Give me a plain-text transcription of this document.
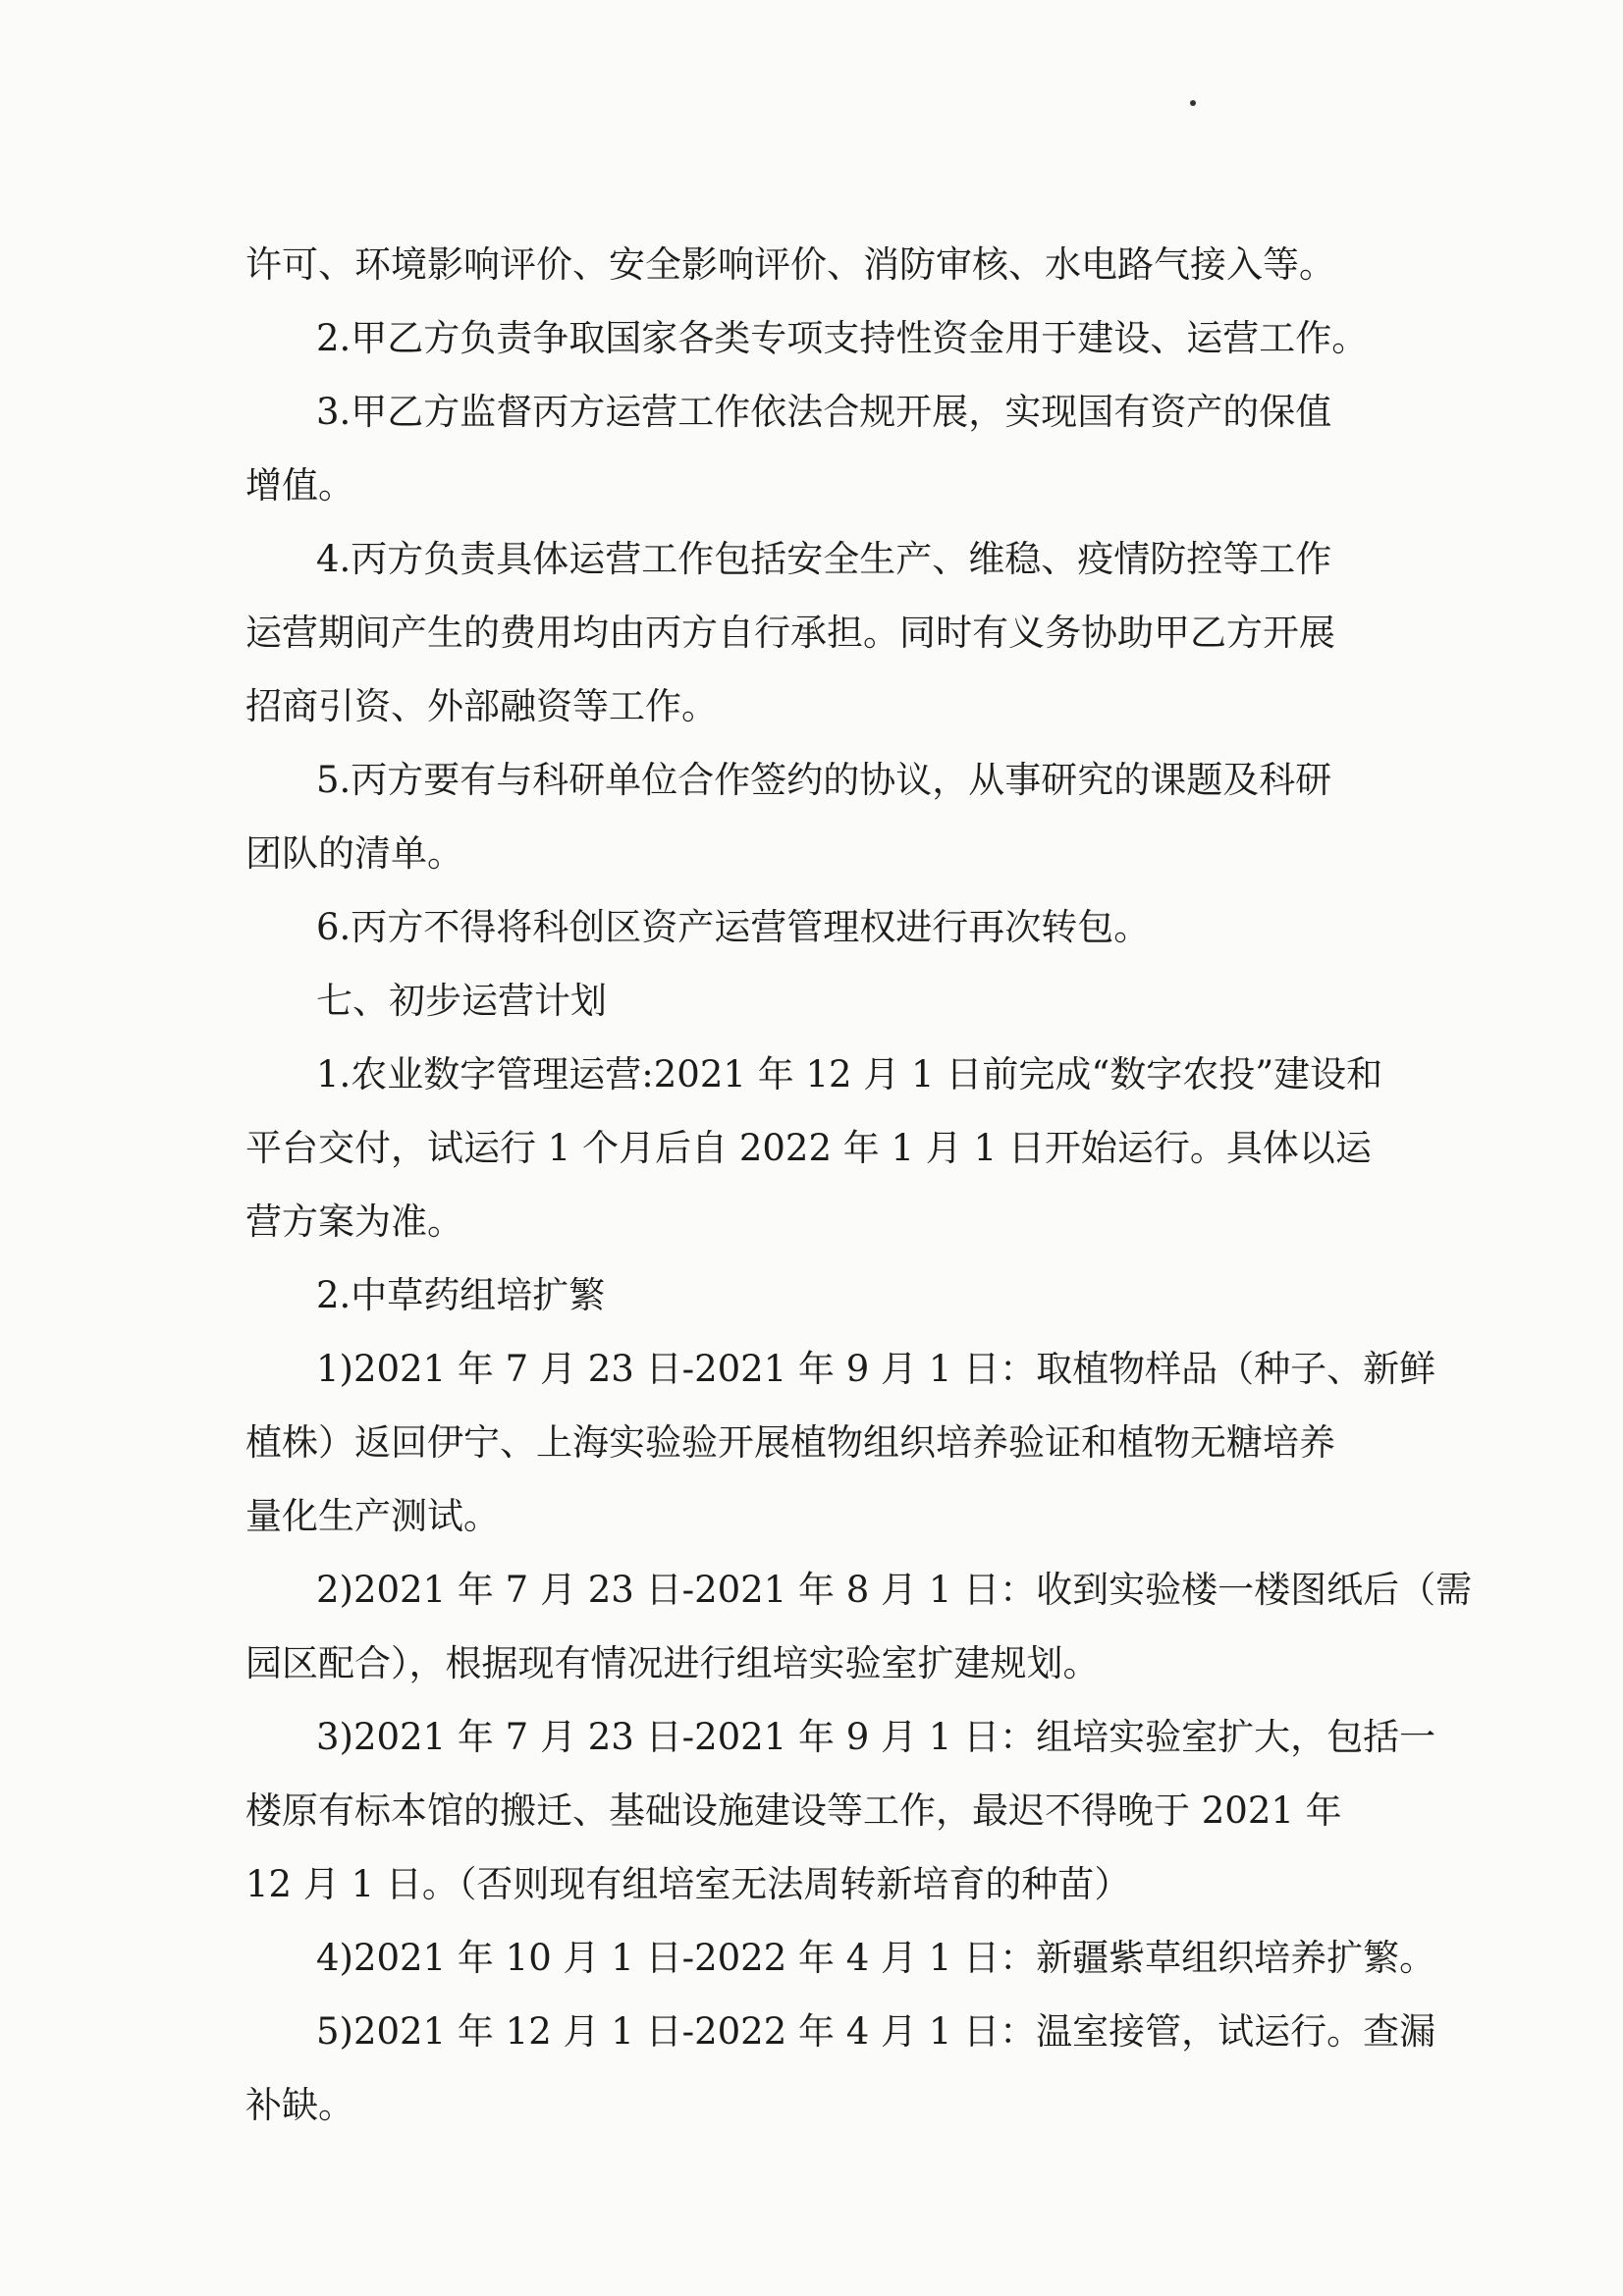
许可、环境影响评价、安全影响评价、消防审核、水电路气接入等。
2.甲乙方负责争取国家各类专项支持性资金用于建设、运营工作。
3.甲乙方监督丙方运营工作依法合规开展，实现国有资产的保值
增值。
4.丙方负责具体运营工作包括安全生产、维稳、疫情防控等工作
运营期间产生的费用均由丙方自行承担。同时有义务协助甲乙方开展
招商引资、外部融资等工作。
5.丙方要有与科研单位合作签约的协议，从事研究的课题及科研
团队的清单。
6.丙方不得将科创区资产运营管理权进行再次转包。
七、初步运营计划
1.农业数字管理运营:2021 年 12 月 1 日前完成“数字农投”建设和
平台交付，试运行 1 个月后自 2022 年 1 月 1 日开始运行。具体以运
营方案为准。
2.中草药组培扩繁
1)2021 年 7 月 23 日-2021 年 9 月 1 日：取植物样品（种子、新鲜
植株）返回伊宁、上海实验验开展植物组织培养验证和植物无糖培养
量化生产测试。
2)2021 年 7 月 23 日-2021 年 8 月 1 日：收到实验楼一楼图纸后（需
园区配合），根据现有情况进行组培实验室扩建规划。
3)2021 年 7 月 23 日-2021 年 9 月 1 日：组培实验室扩大，包括一
楼原有标本馆的搬迁、基础设施建设等工作，最迟不得晚于 2021 年
12 月 1 日。（否则现有组培室无法周转新培育的种苗）
4)2021 年 10 月 1 日-2022 年 4 月 1 日：新疆紫草组织培养扩繁。
5)2021 年 12 月 1 日-2022 年 4 月 1 日：温室接管，试运行。查漏
补缺。
